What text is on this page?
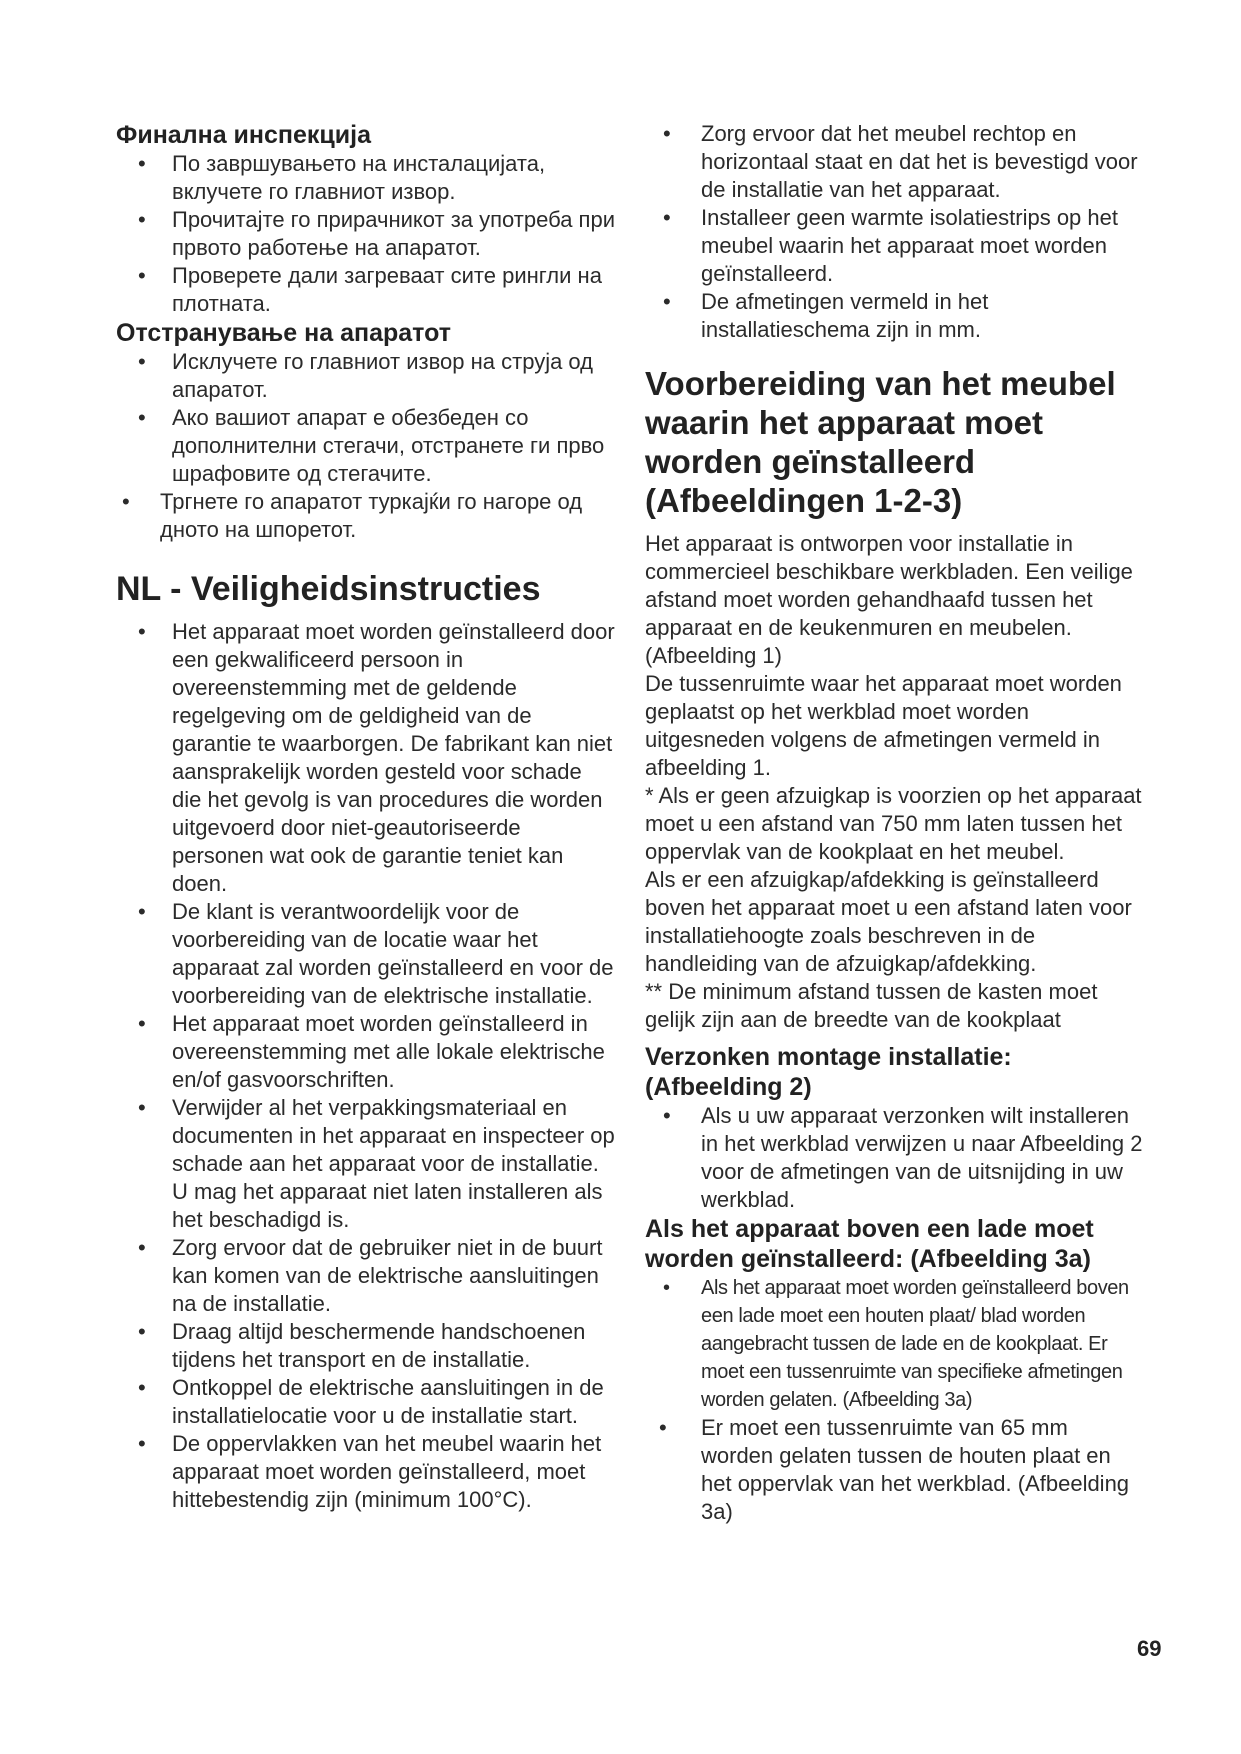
Финална инспекција
• По завршувањето на инсталацијата, вклучете го главниот извор.
• Прочитајте го прирачникот за употреба при првото работење на апаратот.
• Проверете дали загреваат сите рингли на плотната.
Отстранување на апаратот
• Исклучете го главниот извор на струја од апаратот.
• Ако вашиот апарат е обезбеден со дополнителни стегачи, отстранете ги прво шрафовите од стегачите.
• Тргнете го апаратот туркајќи го нагоре од дното на шпоретот.
NL - Veiligheidsinstructies
• Het apparaat moet worden geïnstalleerd door een gekwalificeerd persoon in overeenstemming met de geldende regelgeving om de geldigheid van de garantie te waarborgen. De fabrikant kan niet aansprakelijk worden gesteld voor schade die het gevolg is van procedures die worden uitgevoerd door niet-geautoriseerde personen wat ook de garantie teniet kan doen.
• De klant is verantwoordelijk voor de voorbereiding van de locatie waar het apparaat zal worden geïnstalleerd en voor de voorbereiding van de elektrische installatie.
• Het apparaat moet worden geïnstalleerd in overeenstemming met alle lokale elektrische en/of gasvoorschriften.
• Verwijder al het verpakkingsmateriaal en documenten in het apparaat en inspecteer op schade aan het apparaat voor de installatie. U mag het apparaat niet laten installeren als het beschadigd is.
• Zorg ervoor dat de gebruiker niet in de buurt kan komen van de elektrische aansluitingen na de installatie.
• Draag altijd beschermende handschoenen tijdens het transport en de installatie.
• Ontkoppel de elektrische aansluitingen in de installatielocatie voor u de installatie start.
• De oppervlakken van het meubel waarin het apparaat moet worden geïnstalleerd, moet hittebestendig zijn (minimum 100°C).
• Zorg ervoor dat het meubel rechtop en horizontaal staat en dat het is bevestigd voor de installatie van het apparaat.
• Installeer geen warmte isolatiestrips op het meubel waarin het apparaat moet worden geïnstalleerd.
• De afmetingen vermeld in het installatieschema zijn in mm.
Voorbereiding van het meubel waarin het apparaat moet worden geïnstalleerd (Afbeeldingen 1-2-3)

Het apparaat is ontworpen voor installatie in commercieel beschikbare werkbladen. Een veilige afstand moet worden gehandhaafd tussen het apparaat en de keukenmuren en meubelen. (Afbeelding 1)

De tussenruimte waar het apparaat moet worden geplaatst op het werkblad moet worden uitgesneden volgens de afmetingen vermeld in afbeelding 1.

* Als er geen afzuigkap is voorzien op het apparaat moet u een afstand van 750 mm laten tussen het oppervlak van de kookplaat en het meubel.

Als er een afzuigkap/afdekking is geïnstalleerd boven het apparaat moet u een afstand laten voor installatiehoogte zoals beschreven in de handleiding van de afzuigkap/afdekking.

** De minimum afstand tussen de kasten moet gelijk zijn aan de breedte van de kookplaat

Verzonken montage installatie: (Afbeelding 2)
• Als u uw apparaat verzonken wilt installeren in het werkblad verwijzen u naar Afbeelding 2 voor de afmetingen van de uitsnijding in uw werkblad.
Als het apparaat boven een lade moet worden geïnstalleerd: (Afbeelding 3a)
• Als het apparaat moet worden geïnstalleerd boven een lade moet een houten plaat/ blad worden aangebracht tussen de lade en de kookplaat. Er moet een tussenruimte van specifieke afmetingen worden gelaten. (Afbeelding 3a)
• Er moet een tussenruimte van 65 mm worden gelaten tussen de houten plaat en het oppervlak van het werkblad. (Afbeelding 3a)
69
